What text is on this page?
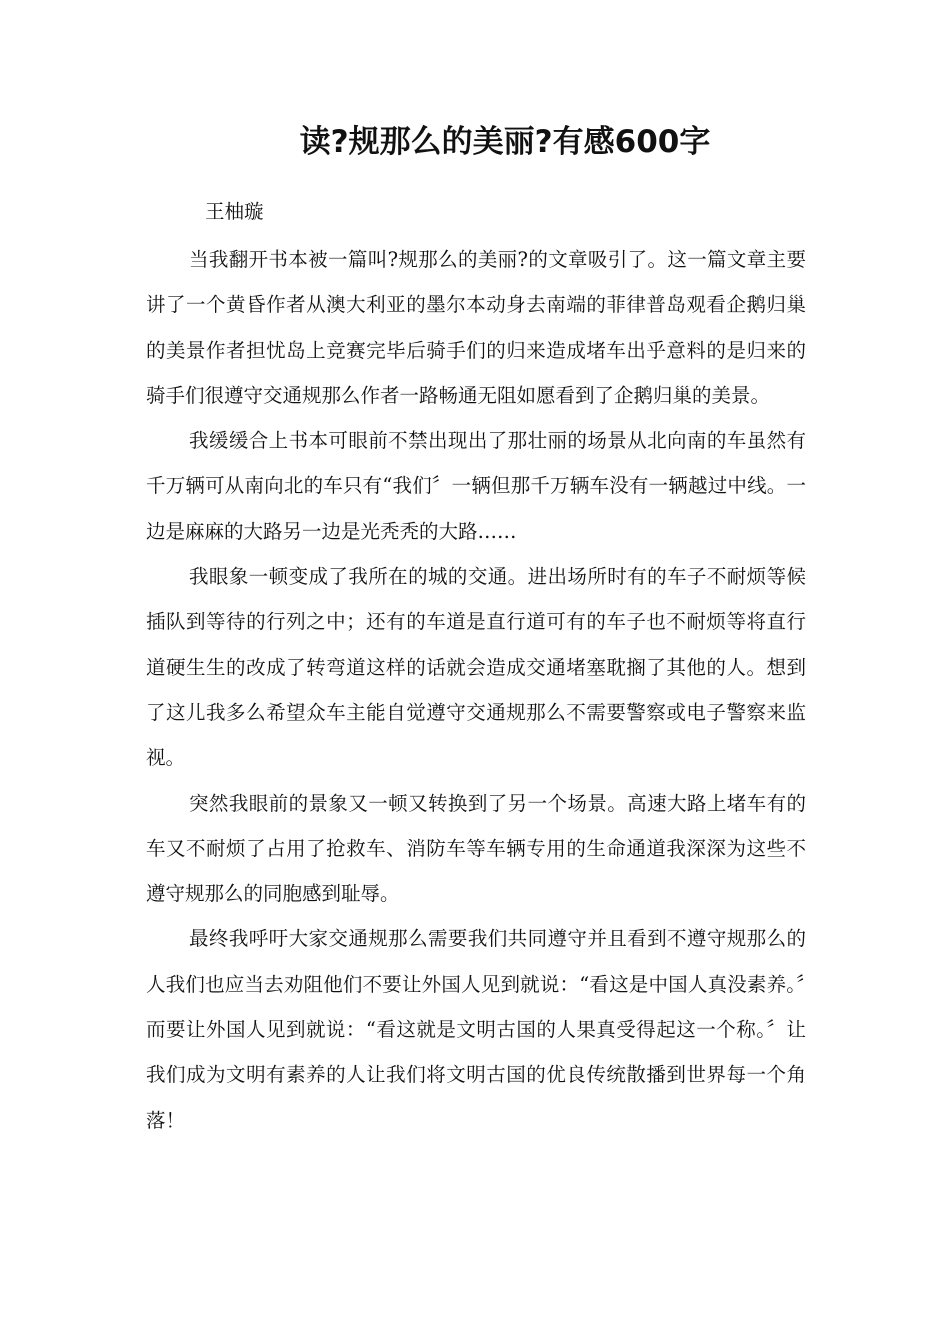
读?规那么的美丽?有感600字
王柚璇

当我翻开书本被一篇叫?规那么的美丽?的文章吸引了。这一篇文章主要讲了一个黄昏作者从澳大利亚的墨尔本动身去南端的菲律普岛观看企鹅归巢的美景作者担忧岛上竞赛完毕后骑手们的归来造成堵车出乎意料的是归来的骑手们很遵守交通规那么作者一路畅通无阻如愿看到了企鹅归巢的美景。

我缓缓合上书本可眼前不禁出现出了那壮丽的场景从北向南的车虽然有千万辆可从南向北的车只有“我们〞一辆但那千万辆车没有一辆越过中线。一边是麻麻的大路另一边是光秃秃的大路……

我眼象一顿变成了我所在的城的交通。进出场所时有的车子不耐烦等候插队到等待的行列之中；还有的车道是直行道可有的车子也不耐烦等将直行道硬生生的改成了转弯道这样的话就会造成交通堵塞耽搁了其他的人。想到了这儿我多么希望众车主能自觉遵守交通规那么不需要警察或电子警察来监视。

突然我眼前的景象又一顿又转换到了另一个场景。高速大路上堵车有的车又不耐烦了占用了抢救车、消防车等车辆专用的生命通道我深深为这些不遵守规那么的同胞感到耻辱。

最终我呼吁大家交通规那么需要我们共同遵守并且看到不遵守规那么的人我们也应当去劝阻他们不要让外国人见到就说：“看这是中国人真没素养。〞而要让外国人见到就说：“看这就是文明古国的人果真受得起这一个称。〞让我们成为文明有素养的人让我们将文明古国的优良传统散播到世界每一个角落！
